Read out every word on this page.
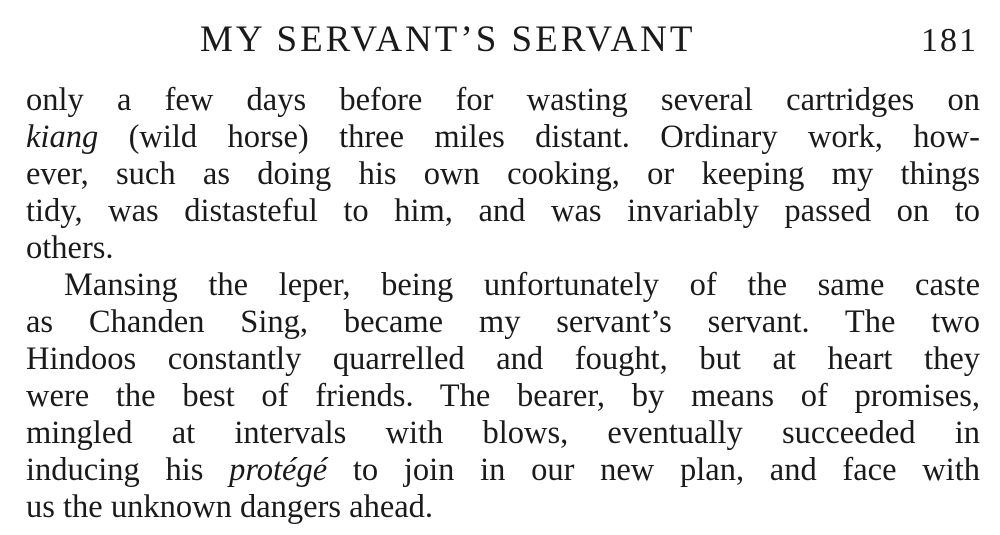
MY SERVANT’S SERVANT	181
only a few days before for wasting several cartridges on
kiang (wild horse) three miles distant. Ordinary work, how-
ever, such as doing his own cooking, or keeping my things
tidy, was distasteful to him, and was invariably passed on to
others.
Mansing the leper, being unfortunately of the same caste
as Chanden Sing, became my servant’s servant. The two
Hindoos constantly quarrelled and fought, but at heart they
were the best of friends. The bearer, by means of promises,
mingled at intervals with blows, eventually succeeded in
inducing his protégé to join in our new plan, and face with
us the unknown dangers ahead.
